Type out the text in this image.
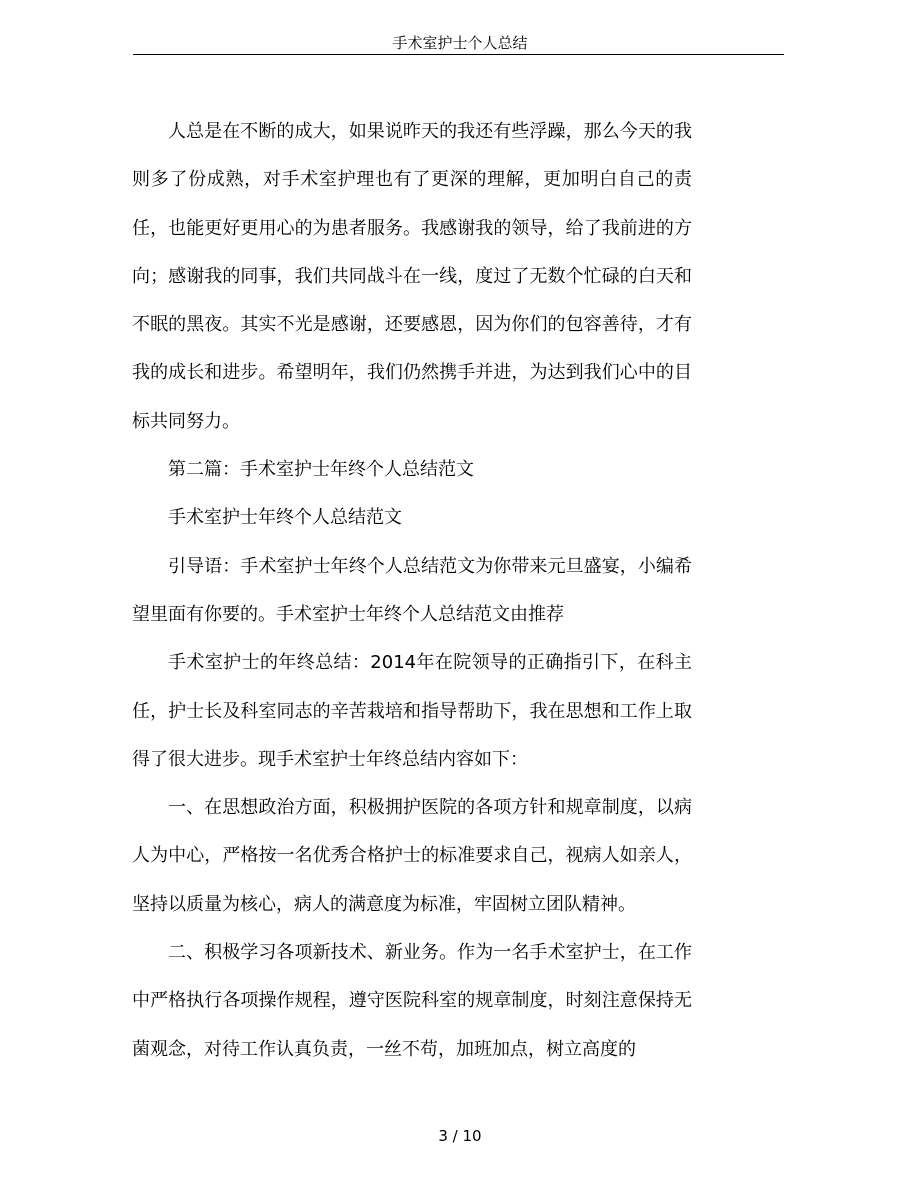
手术室护士个人总结

人总是在不断的成大，如果说昨天的我还有些浮躁，那么今天的我则多了份成熟，对手术室护理也有了更深的理解，更加明白自己的责任，也能更好更用心的为患者服务。我感谢我的领导，给了我前进的方向；感谢我的同事，我们共同战斗在一线，度过了无数个忙碌的白天和不眠的黑夜。其实不光是感谢，还要感恩，因为你们的包容善待，才有我的成长和进步。希望明年，我们仍然携手并进，为达到我们心中的目标共同努力。

第二篇：手术室护士年终个人总结范文

手术室护士年终个人总结范文

引导语：手术室护士年终个人总结范文为你带来元旦盛宴，小编希望里面有你要的。手术室护士年终个人总结范文由推荐

手术室护士的年终总结：2014年在院领导的正确指引下，在科主任，护士长及科室同志的辛苦栽培和指导帮助下，我在思想和工作上取得了很大进步。现手术室护士年终总结内容如下：

一、在思想政治方面，积极拥护医院的各项方针和规章制度，以病人为中心，严格按一名优秀合格护士的标准要求自己，视病人如亲人，坚持以质量为核心，病人的满意度为标准，牢固树立团队精神。

二、积极学习各项新技术、新业务。作为一名手术室护士，在工作中严格执行各项操作规程，遵守医院科室的规章制度，时刻注意保持无菌观念，对待工作认真负责，一丝不苟，加班加点，树立高度的

3 / 10
